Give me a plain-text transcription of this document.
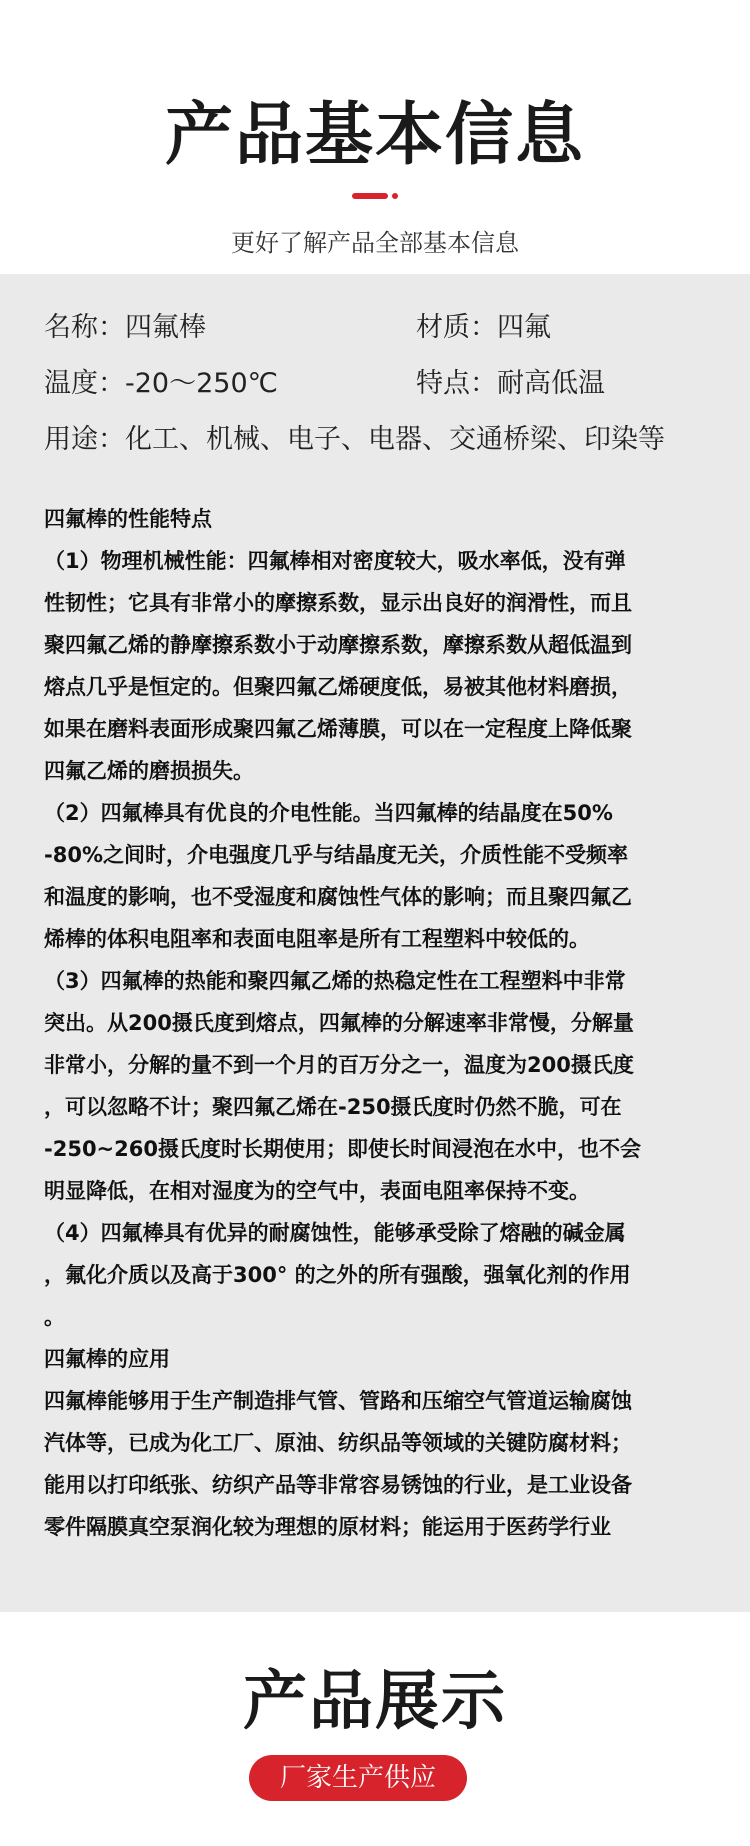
产品基本信息
更好了解产品全部基本信息
名称：四氟棒	材质：四氟
温度：-20～250℃	特点：耐高低温
用途：化工、机械、电子、电器、交通桥梁、印染等

四氟棒的性能特点

（1）物理机械性能：四氟棒相对密度较大，吸水率低，没有弹

性韧性；它具有非常小的摩擦系数，显示出良好的润滑性，而且

聚四氟乙烯的静摩擦系数小于动摩擦系数，摩擦系数从超低温到

熔点几乎是恒定的。但聚四氟乙烯硬度低，易被其他材料磨损，

如果在磨料表面形成聚四氟乙烯薄膜，可以在一定程度上降低聚

四氟乙烯的磨损损失。

（2）四氟棒具有优良的介电性能。当四氟棒的结晶度在50%

-80%之间时，介电强度几乎与结晶度无关，介质性能不受频率

和温度的影响，也不受湿度和腐蚀性气体的影响；而且聚四氟乙

烯棒的体积电阻率和表面电阻率是所有工程塑料中较低的。

（3）四氟棒的热能和聚四氟乙烯的热稳定性在工程塑料中非常

突出。从200摄氏度到熔点，四氟棒的分解速率非常慢，分解量

非常小，分解的量不到一个月的百万分之一，温度为200摄氏度

，可以忽略不计；聚四氟乙烯在-250摄氏度时仍然不脆，可在

-250~260摄氏度时长期使用；即使长时间浸泡在水中，也不会

明显降低，在相对湿度为的空气中，表面电阻率保持不变。

（4）四氟棒具有优异的耐腐蚀性，能够承受除了熔融的碱金属

，氟化介质以及高于300° 的之外的所有强酸，强氧化剂的作用

。

四氟棒的应用

四氟棒能够用于生产制造排气管、管路和压缩空气管道运输腐蚀

汽体等，已成为化工厂、原油、纺织品等领域的关键防腐材料；

能用以打印纸张、纺织产品等非常容易锈蚀的行业，是工业设备

零件隔膜真空泵润化较为理想的原材料；能运用于医药学行业

产品展示
厂家生产供应
